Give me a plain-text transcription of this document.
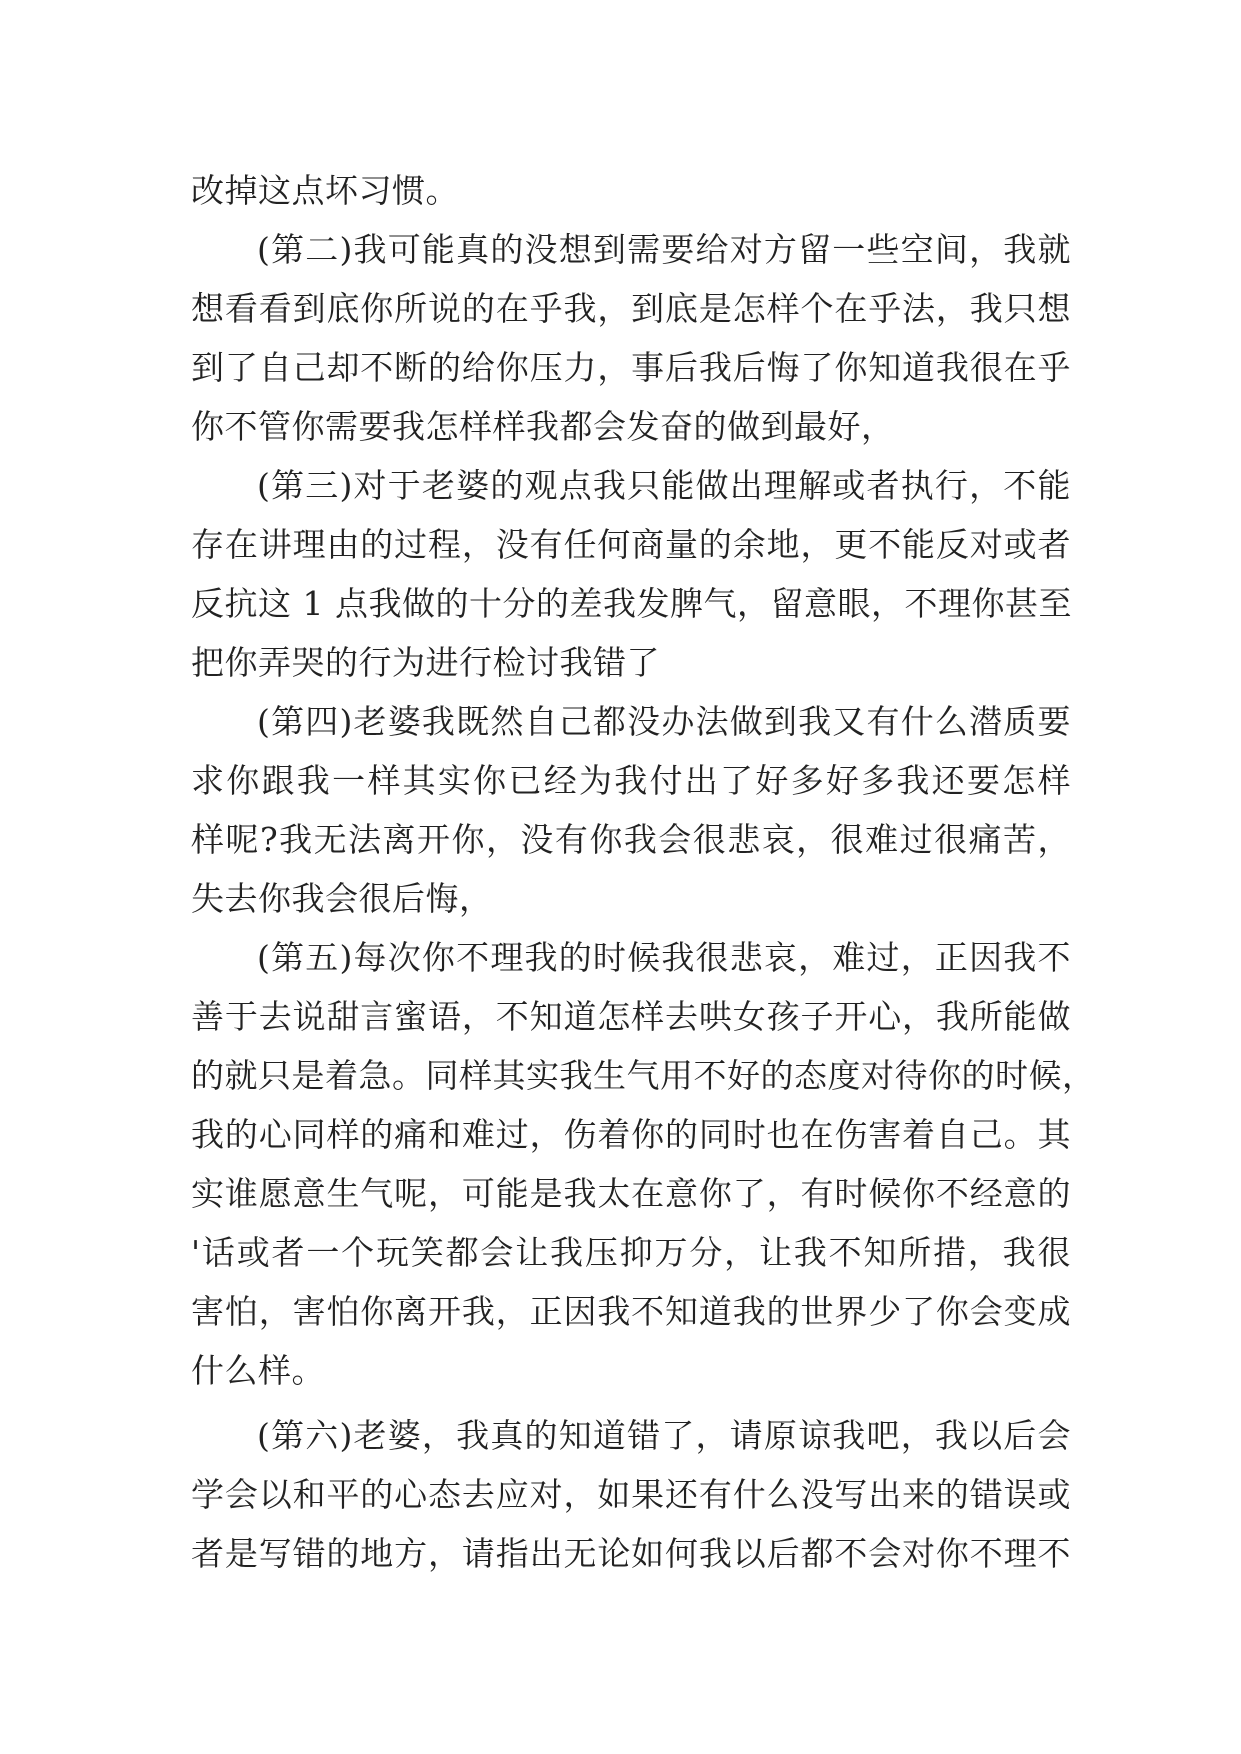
改掉这点坏习惯。
(第二)我可能真的没想到需要给对方留一些空间，我就
想看看到底你所说的在乎我，到底是怎样个在乎法，我只想
到了自己却不断的给你压力，事后我后悔了你知道我很在乎
你不管你需要我怎样样我都会发奋的做到最好，
(第三)对于老婆的观点我只能做出理解或者执行，不能
存在讲理由的过程，没有任何商量的余地，更不能反对或者
反抗这 1 点我做的十分的差我发脾气，留意眼，不理你甚至
把你弄哭的行为进行检讨我错了
(第四)老婆我既然自己都没办法做到我又有什么潜质要
求你跟我一样其实你已经为我付出了好多好多我还要怎样
样呢?我无法离开你，没有你我会很悲哀，很难过很痛苦，
失去你我会很后悔，
(第五)每次你不理我的时候我很悲哀，难过，正因我不
善于去说甜言蜜语，不知道怎样去哄女孩子开心，我所能做
的就只是着急。同样其实我生气用不好的态度对待你的时候，
我的心同样的痛和难过，伤着你的同时也在伤害着自己。其
实谁愿意生气呢，可能是我太在意你了，有时候你不经意的
'话或者一个玩笑都会让我压抑万分，让我不知所措，我很
害怕，害怕你离开我，正因我不知道我的世界少了你会变成
什么样。
(第六)老婆，我真的知道错了，请原谅我吧，我以后会
学会以和平的心态去应对，如果还有什么没写出来的错误或
者是写错的地方，请指出无论如何我以后都不会对你不理不
